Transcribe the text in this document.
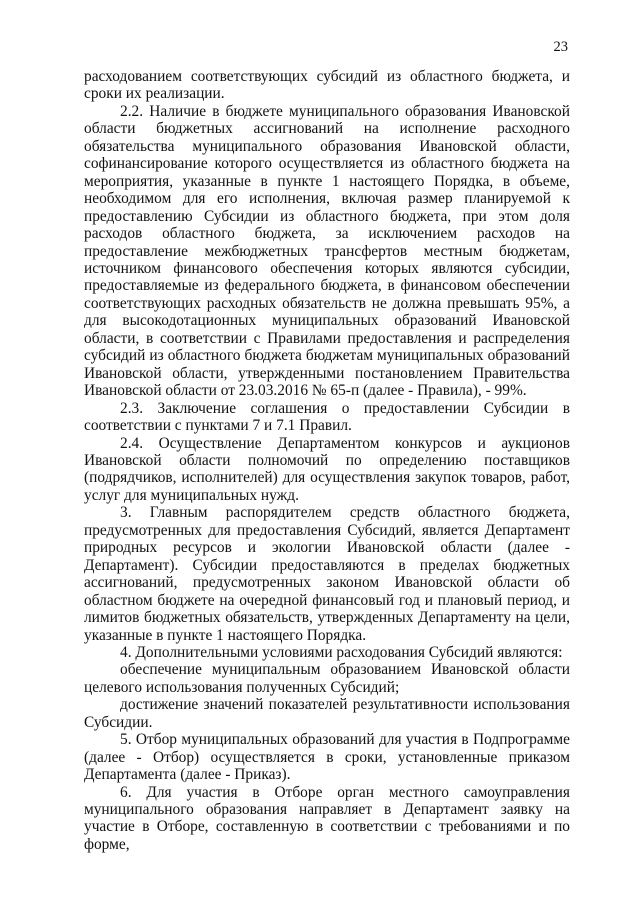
23

расходованием соответствующих субсидий из областного бюджета, и сроки их реализации.

2.2. Наличие в бюджете муниципального образования Ивановской области бюджетных ассигнований на исполнение расходного обязательства муниципального образования Ивановской области, софинансирование которого осуществляется из областного бюджета на мероприятия, указанные в пункте 1 настоящего Порядка, в объеме, необходимом для его исполнения, включая размер планируемой к предоставлению Субсидии из областного бюджета, при этом доля расходов областного бюджета, за исключением расходов на предоставление межбюджетных трансфертов местным бюджетам, источником финансового обеспечения которых являются субсидии, предоставляемые из федерального бюджета, в финансовом обеспечении соответствующих расходных обязательств не должна превышать 95%, а для высокодотационных муниципальных образований Ивановской области, в соответствии с Правилами предоставления и распределения субсидий из областного бюджета бюджетам муниципальных образований Ивановской области, утвержденными постановлением Правительства Ивановской области от 23.03.2016 № 65-п (далее - Правила), - 99%.

2.3. Заключение соглашения о предоставлении Субсидии в соответствии с пунктами 7 и 7.1 Правил.

2.4. Осуществление Департаментом конкурсов и аукционов Ивановской области полномочий по определению поставщиков (подрядчиков, исполнителей) для осуществления закупок товаров, работ, услуг для муниципальных нужд.

3. Главным распорядителем средств областного бюджета, предусмотренных для предоставления Субсидий, является Департамент природных ресурсов и экологии Ивановской области (далее - Департамент). Субсидии предоставляются в пределах бюджетных ассигнований, предусмотренных законом Ивановской области об областном бюджете на очередной финансовый год и плановый период, и лимитов бюджетных обязательств, утвержденных Департаменту на цели, указанные в пункте 1 настоящего Порядка.

4. Дополнительными условиями расходования Субсидий являются:

обеспечение муниципальным образованием Ивановской области целевого использования полученных Субсидий;

достижение значений показателей результативности использования Субсидии.

5. Отбор муниципальных образований для участия в Подпрограмме (далее - Отбор) осуществляется в сроки, установленные приказом Департамента (далее - Приказ).

6. Для участия в Отборе орган местного самоуправления муниципального образования направляет в Департамент заявку на участие в Отборе, составленную в соответствии с требованиями и по форме,
